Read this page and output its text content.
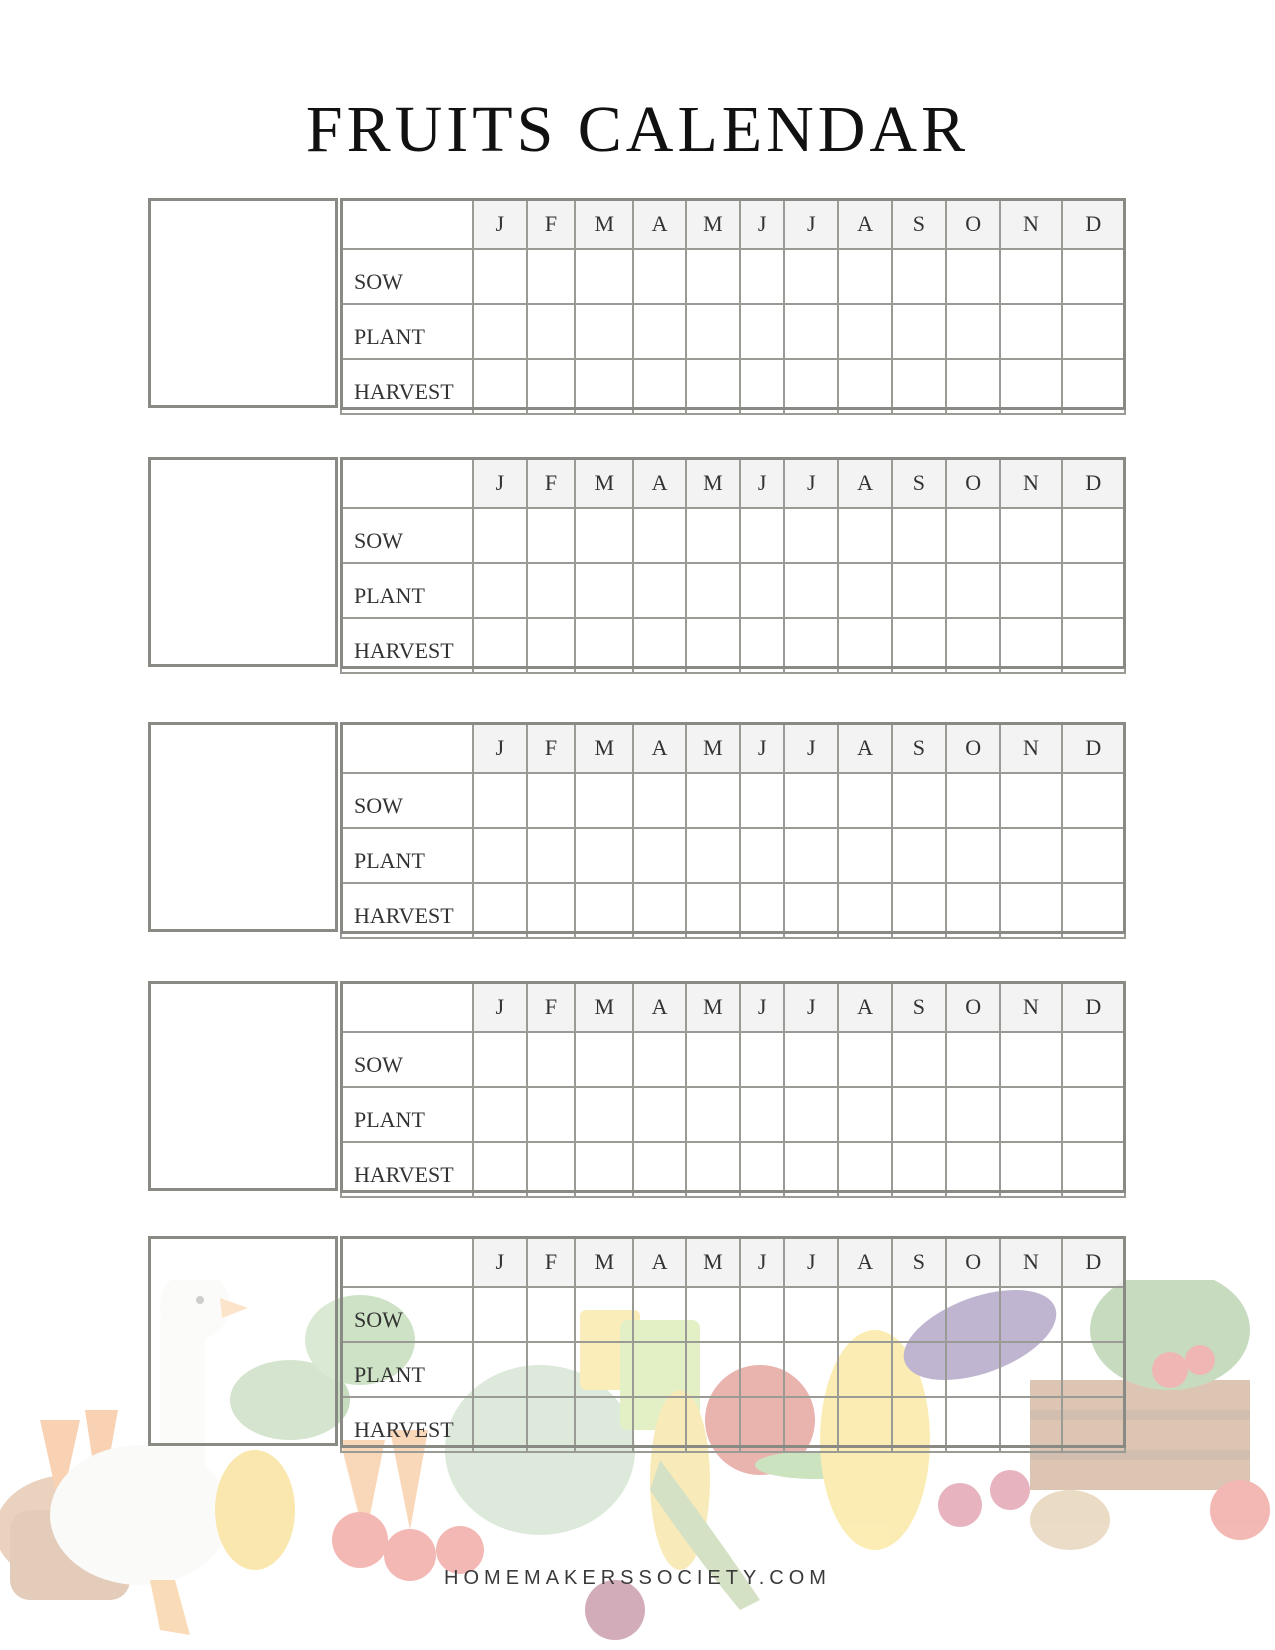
FRUITS CALENDAR
	J	F	M	A	M	J	J	A	S	O	N	D
SOW												
PLANT												
HARVEST												
	J	F	M	A	M	J	J	A	S	O	N	D
SOW												
PLANT												
HARVEST												
	J	F	M	A	M	J	J	A	S	O	N	D
SOW												
PLANT												
HARVEST												
	J	F	M	A	M	J	J	A	S	O	N	D
SOW												
PLANT												
HARVEST												
	J	F	M	A	M	J	J	A	S	O	N	D
SOW												
PLANT												
HARVEST												
HOMEMAKERSSOCIETY.COM
